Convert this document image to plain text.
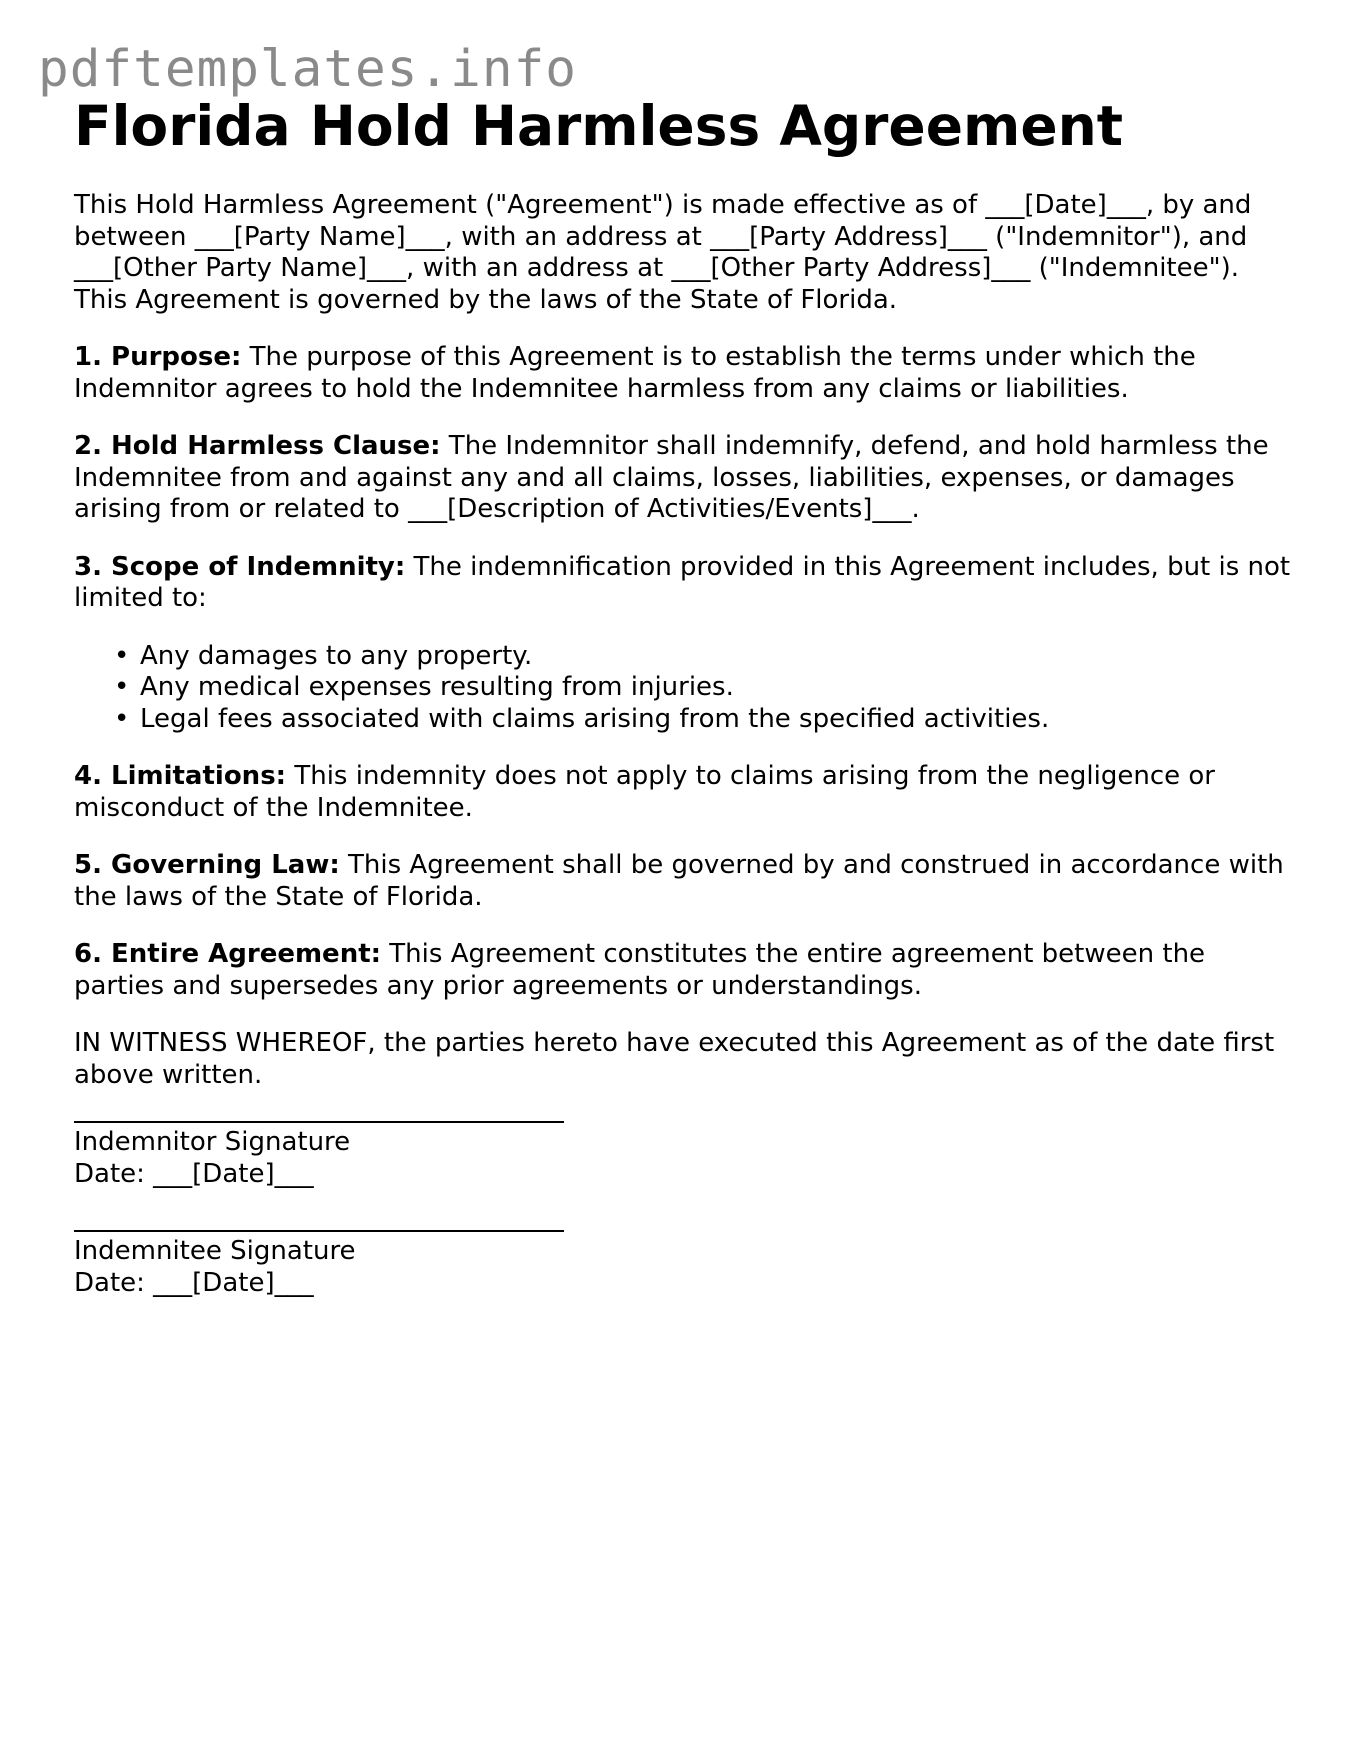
pdftemplates.info
Florida Hold Harmless Agreement

This Hold Harmless Agreement ("Agreement") is made effective as of ___[Date]___, by and between ___[Party Name]___, with an address at ___[Party Address]___ ("Indemnitor"), and ___[Other Party Name]___, with an address at ___[Other Party Address]___ ("Indemnitee"). This Agreement is governed by the laws of the State of Florida.

1. Purpose: The purpose of this Agreement is to establish the terms under which the Indemnitor agrees to hold the Indemnitee harmless from any claims or liabilities.

2. Hold Harmless Clause: The Indemnitor shall indemnify, defend, and hold harmless the Indemnitee from and against any and all claims, losses, liabilities, expenses, or damages arising from or related to ___[Description of Activities/Events]___.

3. Scope of Indemnity: The indemnification provided in this Agreement includes, but is not limited to:

• Any damages to any property.
• Any medical expenses resulting from injuries.
• Legal fees associated with claims arising from the specified activities.

4. Limitations: This indemnity does not apply to claims arising from the negligence or misconduct of the Indemnitee.

5. Governing Law: This Agreement shall be governed by and construed in accordance with the laws of the State of Florida.

6. Entire Agreement: This Agreement constitutes the entire agreement between the parties and supersedes any prior agreements or understandings.

IN WITNESS WHEREOF, the parties hereto have executed this Agreement as of the date first above written.

Indemnitor Signature
Date: ___[Date]___
Indemnitee Signature
Date: ___[Date]___
